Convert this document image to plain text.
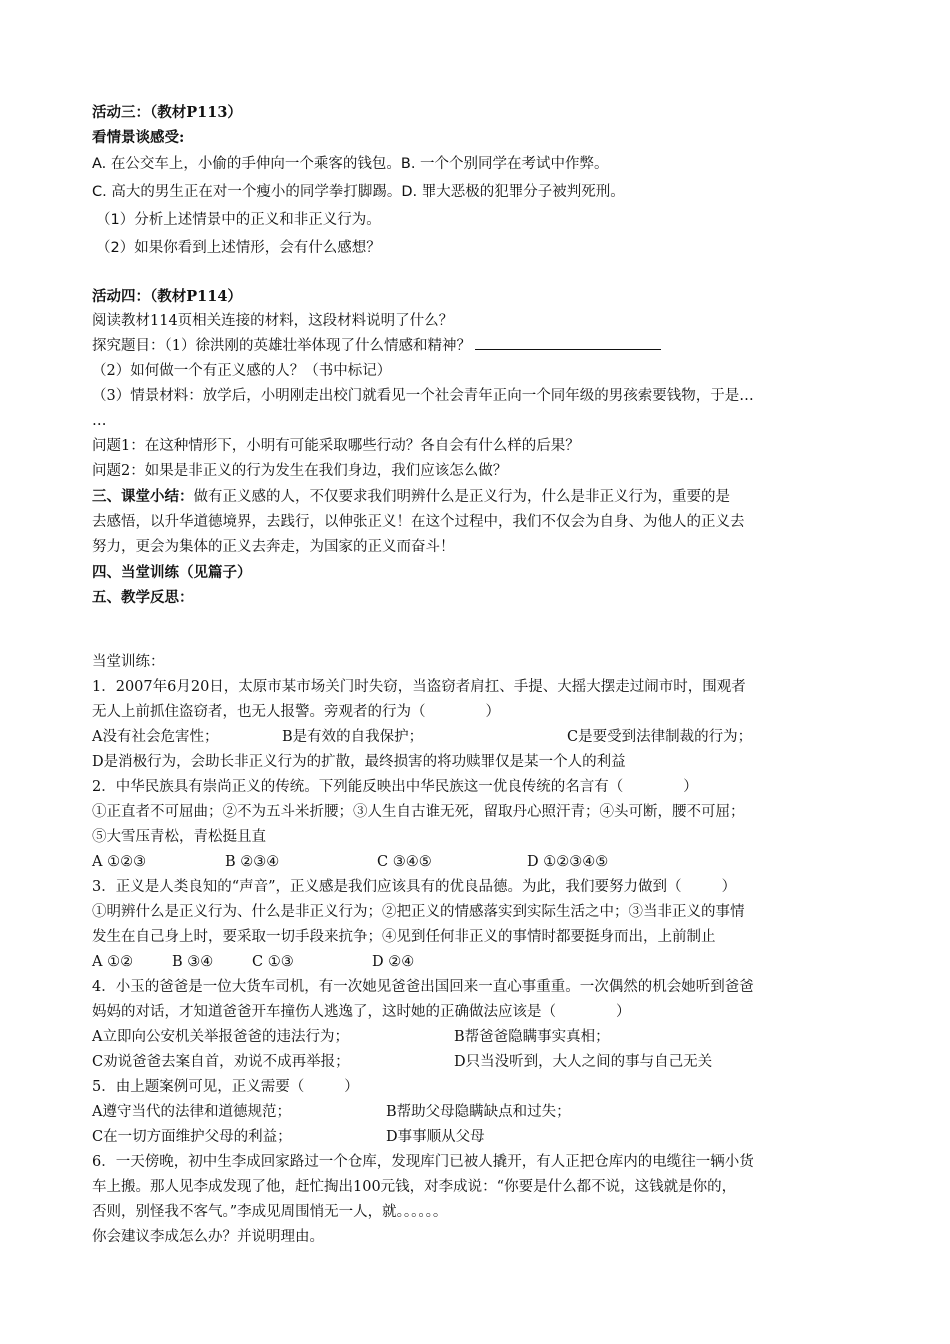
活动三：（教材P113）
看情景谈感受:
A. 在公交车上，小偷的手伸向一个乘客的钱包。B. 一个个别同学在考试中作弊。
C. 高大的男生正在对一个瘦小的同学拳打脚踢。D. 罪大恶极的犯罪分子被判死刑。
（1）分析上述情景中的正义和非正义行为。
（2）如果你看到上述情形，会有什么感想？
活动四：（教材P114）
阅读教材114页相关连接的材料，这段材料说明了什么？
探究题目：（1）徐洪刚的英雄壮举体现了什么情感和精神？
（2）如何做一个有正义感的人？（书中标记）
（3）情景材料：放学后，小明刚走出校门就看见一个社会青年正向一个同年级的男孩索要钱物，于是…
…
问题1：在这种情形下，小明有可能采取哪些行动？各自会有什么样的后果？
问题2：如果是非正义的行为发生在我们身边，我们应该怎么做？
三、课堂小结：做有正义感的人，不仅要求我们明辨什么是正义行为，什么是非正义行为，重要的是
去感悟，以升华道德境界，去践行，以伸张正义！在这个过程中，我们不仅会为自身、为他人的正义去
努力，更会为集体的正义去奔走，为国家的正义而奋斗！
四、当堂训练（见篇子）
五、教学反思：
当堂训练：
1．2007年6月20日，太原市某市场关门时失窃，当盗窃者肩扛、手提、大摇大摆走过闹市时，围观者
无人上前抓住盗窃者，也无人报警。旁观者的行为（	）
A没有社会危害性；	B是有效的自我保护；	C是要受到法律制裁的行为；
D是消极行为，会助长非正义行为的扩散，最终损害的将功赎罪仅是某一个人的利益
2．中华民族具有崇尚正义的传统。下列能反映出中华民族这一优良传统的名言有（	）
①正直者不可屈曲；②不为五斗米折腰；③人生自古谁无死，留取丹心照汗青；④头可断，腰不可屈；
⑤大雪压青松，青松挺且直
A ①②③	B ②③④	C ③④⑤	D ①②③④⑤
3．正义是人类良知的“声音”，正义感是我们应该具有的优良品德。为此，我们要努力做到（	）
①明辨什么是正义行为、什么是非正义行为；②把正义的情感落实到实际生活之中；③当非正义的事情
发生在自己身上时，要采取一切手段来抗争；④见到任何非正义的事情时都要挺身而出，上前制止
A ①②	B ③④	C ①③	D ②④
4．小玉的爸爸是一位大货车司机，有一次她见爸爸出国回来一直心事重重。一次偶然的机会她听到爸爸
妈妈的对话，才知道爸爸开车撞伤人逃逸了，这时她的正确做法应该是（	）
A立即向公安机关举报爸爸的违法行为；	B帮爸爸隐瞒事实真相；
C劝说爸爸去案自首，劝说不成再举报；	D只当没听到，大人之间的事与自己无关
5．由上题案例可见，正义需要（	）
A遵守当代的法律和道德规范；	B帮助父母隐瞒缺点和过失；
C在一切方面维护父母的利益；	D事事顺从父母
6．一天傍晚，初中生李成回家路过一个仓库，发现库门已被人撬开，有人正把仓库内的电缆往一辆小货
车上搬。那人见李成发现了他，赶忙掏出100元钱，对李成说：“你要是什么都不说，这钱就是你的，
否则，别怪我不客气。”李成见周围悄无一人，就。。。。。。
你会建议李成怎么办？并说明理由。
